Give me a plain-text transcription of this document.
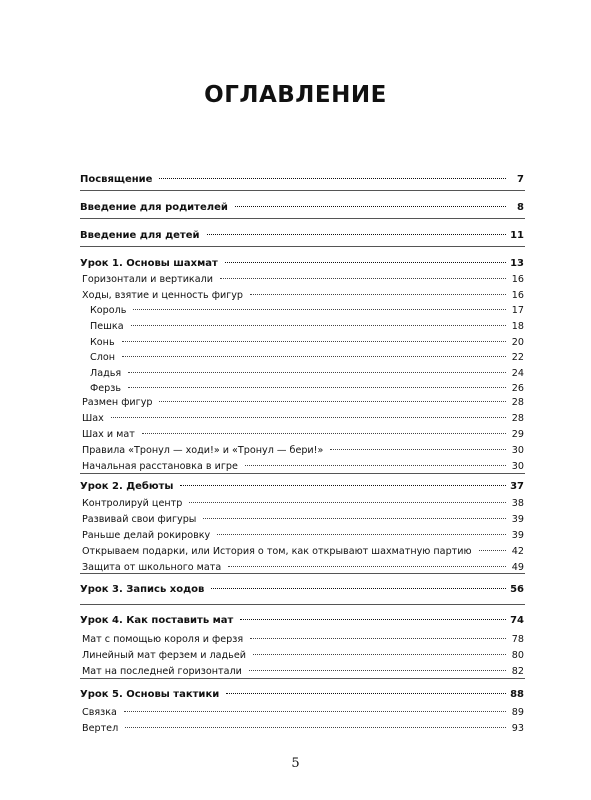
ОГЛАВЛЕНИЕ
Посвящение	7
Введение для родителей	8
Введение для детей	11
Урок 1. Основы шахмат	13
Горизонтали и вертикали	16
Ходы, взятие и ценность фигур	16
Король	17
Пешка	18
Конь	20
Слон	22
Ладья	24
Ферзь	26
Размен фигур	28
Шах	28
Шах и мат	29
Правила «Тронул — ходи!» и «Тронул — бери!»	30
Начальная расстановка в игре	30
Урок 2. Дебюты	37
Контролируй центр	38
Развивай свои фигуры	39
Раньше делай рокировку	39
Открываем подарки, или История о том, как открывают шахматную партию	42
Защита от школьного мата	49
Урок 3. Запись ходов	56
Урок 4. Как поставить мат	74
Мат с помощью короля и ферзя	78
Линейный мат ферзем и ладьей	80
Мат на последней горизонтали	82
Урок 5. Основы тактики	88
Связка	89
Вертел	93
5
